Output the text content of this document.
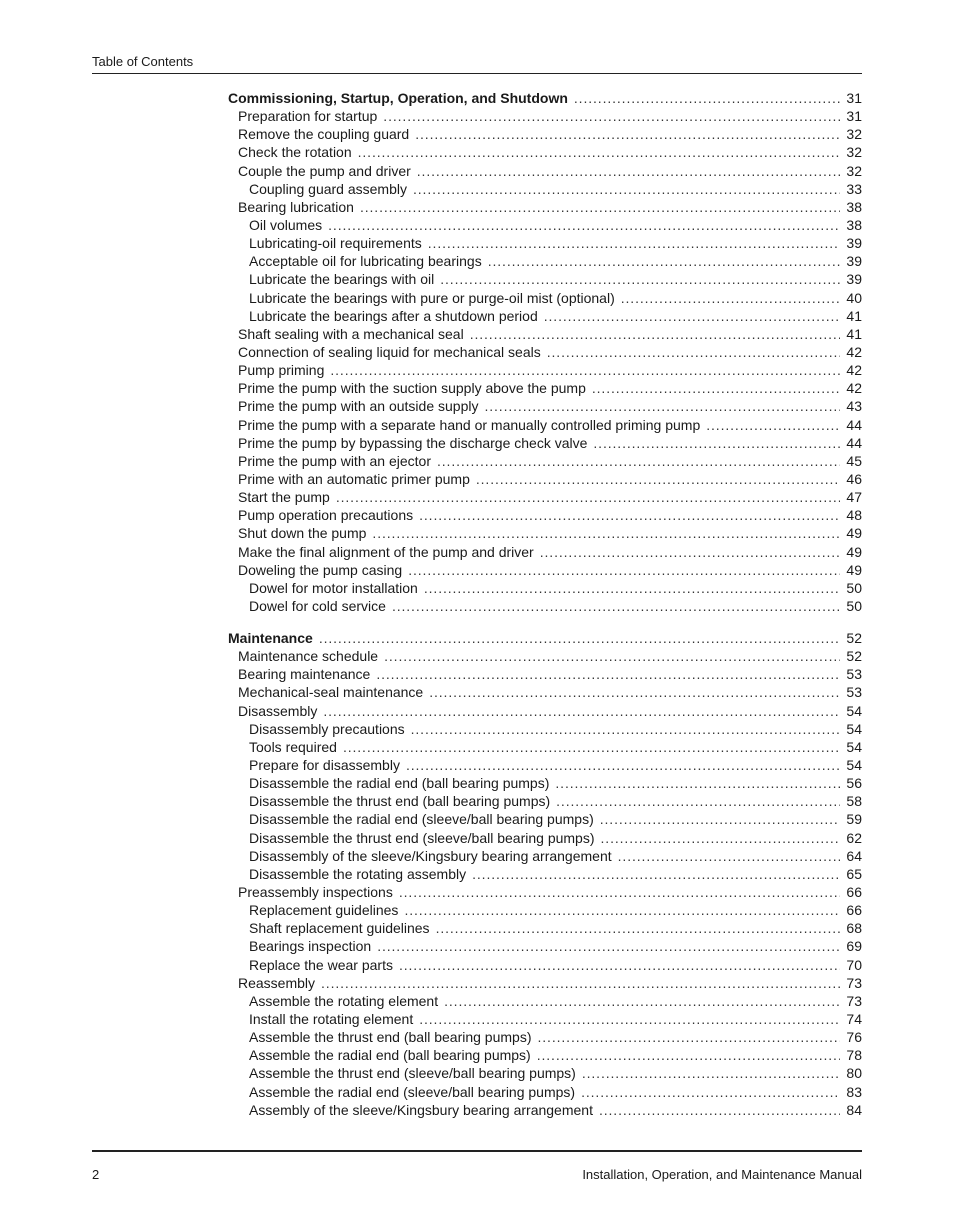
Table of Contents
Commissioning, Startup, Operation, and Shutdown . . .	31
Preparation for startup . . .	31
Remove the coupling guard . . .	32
Check the rotation . . .	32
Couple the pump and driver . . .	32
Coupling guard assembly . . .	33
Bearing lubrication . . .	38
Oil volumes . . .	38
Lubricating-oil requirements . . .	39
Acceptable oil for lubricating bearings . . .	39
Lubricate the bearings with oil . . .	39
Lubricate the bearings with pure or purge-oil mist (optional) . . .	40
Lubricate the bearings after a shutdown period . . .	41
Shaft sealing with a mechanical seal . . .	41
Connection of sealing liquid for mechanical seals . . .	42
Pump priming . . .	42
Prime the pump with the suction supply above the pump . . .	42
Prime the pump with an outside supply . . .	43
Prime the pump with a separate hand or manually controlled priming pump . . .	44
Prime the pump by bypassing the discharge check valve . . .	44
Prime the pump with an ejector . . .	45
Prime with an automatic primer pump . . .	46
Start the pump . . .	47
Pump operation precautions . . .	48
Shut down the pump . . .	49
Make the final alignment of the pump and driver . . .	49
Doweling the pump casing . . .	49
Dowel for motor installation . . .	50
Dowel for cold service . . .	50
Maintenance . . .	52
Maintenance schedule . . .	52
Bearing maintenance . . .	53
Mechanical-seal maintenance . . .	53
Disassembly . . .	54
Disassembly precautions . . .	54
Tools required . . .	54
Prepare for disassembly . . .	54
Disassemble the radial end (ball bearing pumps) . . .	56
Disassemble the thrust end (ball bearing pumps) . . .	58
Disassemble the radial end (sleeve/ball bearing pumps) . . .	59
Disassemble the thrust end (sleeve/ball bearing pumps) . . .	62
Disassembly of the sleeve/Kingsbury bearing arrangement . . .	64
Disassemble the rotating assembly . . .	65
Preassembly inspections . . .	66
Replacement guidelines . . .	66
Shaft replacement guidelines . . .	68
Bearings inspection . . .	69
Replace the wear parts . . .	70
Reassembly . . .	73
Assemble the rotating element . . .	73
Install the rotating element . . .	74
Assemble the thrust end (ball bearing pumps) . . .	76
Assemble the radial end (ball bearing pumps) . . .	78
Assemble the thrust end (sleeve/ball bearing pumps) . . .	80
Assemble the radial end (sleeve/ball bearing pumps) . . .	83
Assembly of the sleeve/Kingsbury bearing arrangement . . .	84
2	Installation, Operation, and Maintenance Manual
